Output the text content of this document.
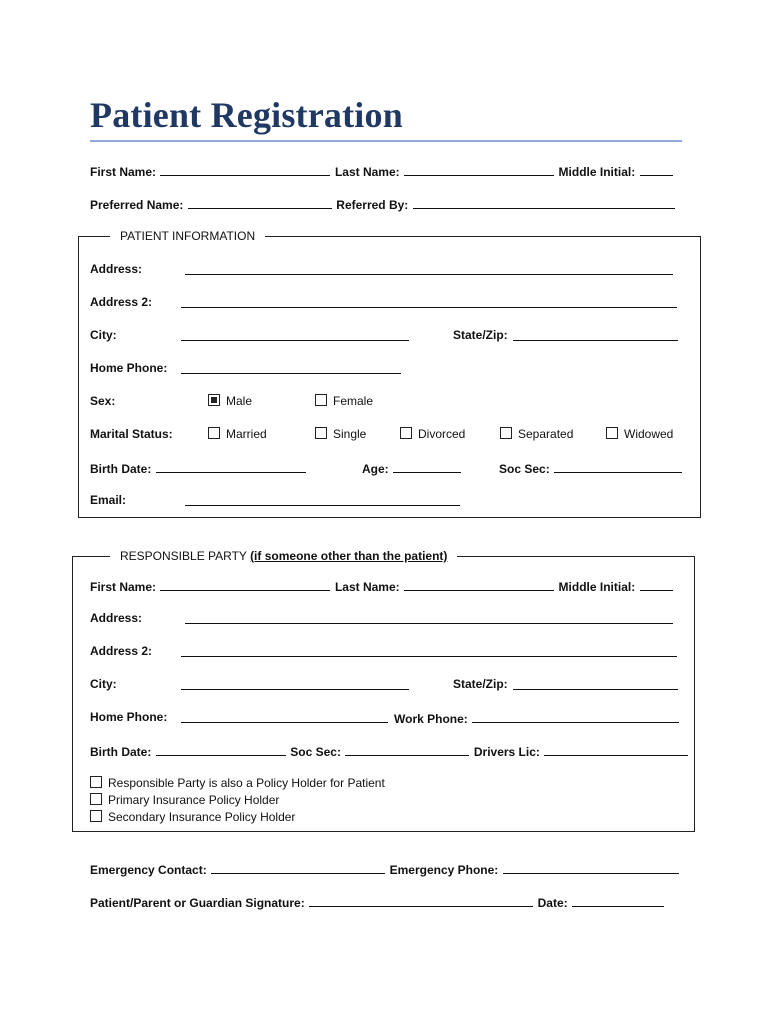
Patient Registration
First Name:	Last Name:	Middle Initial:
Preferred Name:	Referred By:
PATIENT INFORMATION
Address:
Address 2:
City:	State/Zip:
Home Phone:
Sex:	Male	Female
Marital Status:	Married	Single	Divorced	Separated	Widowed
Birth Date:	Age:	Soc Sec:
Email:
RESPONSIBLE PARTY (if someone other than the patient)
First Name:	Last Name:	Middle Initial:
Address:
Address 2:
City:	State/Zip:
Home Phone:	Work Phone:
Birth Date:	Soc Sec:	Drivers Lic:
Responsible Party is also a Policy Holder for Patient
Primary Insurance Policy Holder
Secondary Insurance Policy Holder
Emergency Contact:	Emergency Phone:
Patient/Parent or Guardian Signature:	Date:
